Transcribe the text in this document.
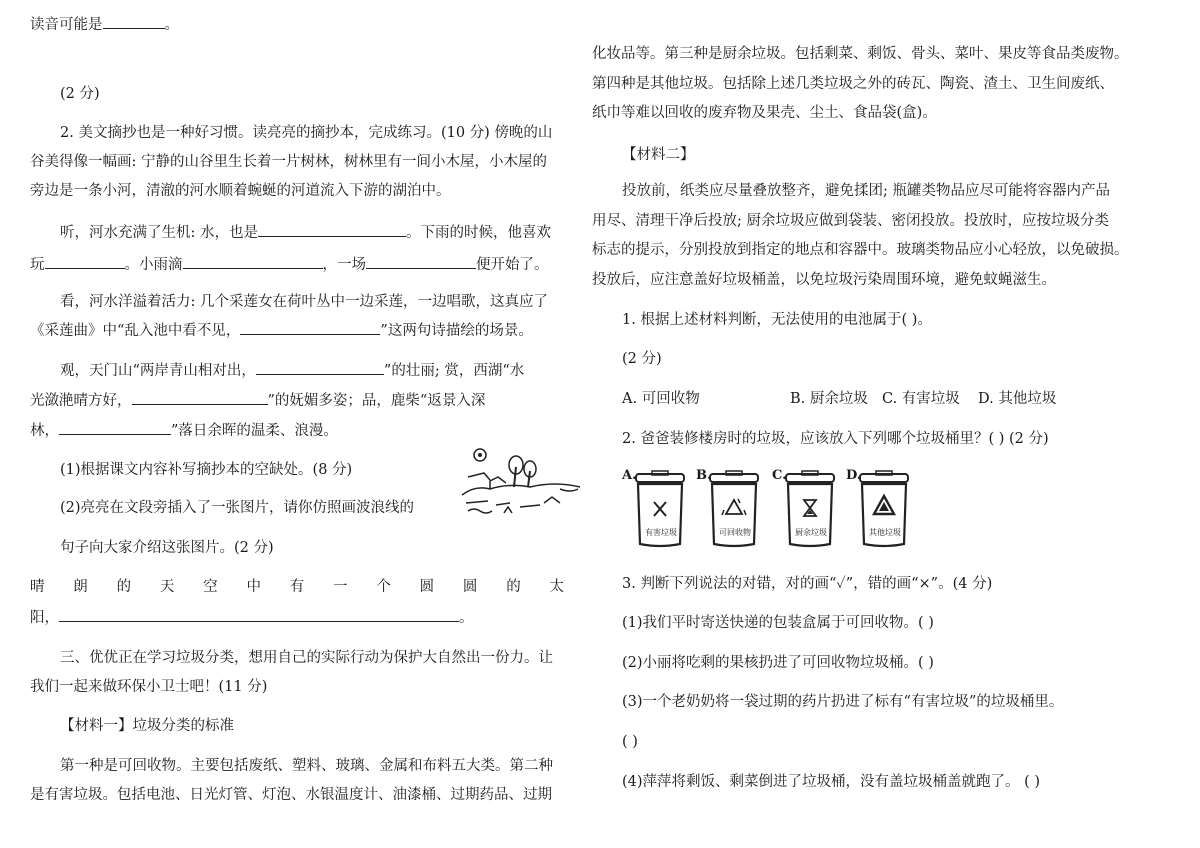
读音可能是	。
(2 分)
2. 美文摘抄也是一种好习惯。读亮亮的摘抄本，完成练习。(10 分) 傍晚的山
谷美得像一幅画: 宁静的山谷里生长着一片树林，树林里有一间小木屋，小木屋的
旁边是一条小河，清澈的河水顺着蜿蜒的河道流入下游的湖泊中。
听，河水充满了生机: 水，也是	。下雨的时候，他喜欢
玩	。小雨滴	，一场	便开始了。
看，河水洋溢着活力: 几个采莲女在荷叶丛中一边采莲，一边唱歌，这真应了
《采莲曲》中“乱入池中看不见，	”这两句诗描绘的场景。
观，天门山“两岸青山相对出，	”的壮丽; 赏，西湖“水
光潋滟晴方好，	”的妩媚多姿；品，鹿柴“返景入深
林，	”落日余晖的温柔、浪漫。
(1)根据课文内容补写摘抄本的空缺处。(8 分)
(2)亮亮在文段旁插入了一张图片，请你仿照画波浪线的
句子向大家介绍这张图片。(2 分)
晴朗的天空中有一个圆圆的太
阳，	。
三、优优正在学习垃圾分类，想用自己的实际行动为保护大自然出一份力。让
我们一起来做环保小卫士吧！(11 分)
【材料一】垃圾分类的标准
第一种是可回收物。主要包括废纸、塑料、玻璃、金属和布料五大类。第二种
是有害垃圾。包括电池、日光灯管、灯泡、水银温度计、油漆桶、过期药品、过期
化妆品等。第三种是厨余垃圾。包括剩菜、剩饭、骨头、菜叶、果皮等食品类废物。
第四种是其他垃圾。包括除上述几类垃圾之外的砖瓦、陶瓷、渣土、卫生间废纸、
纸巾等难以回收的废弃物及果壳、尘土、食品袋(盒)。
【材料二】
投放前，纸类应尽量叠放整齐，避免揉团; 瓶罐类物品应尽可能将容器内产品
用尽、清理干净后投放; 厨余垃圾应做到袋装、密闭投放。投放时，应按垃圾分类
标志的提示，分别投放到指定的地点和容器中。玻璃类物品应小心轻放，以免破损。
投放后，应注意盖好垃圾桶盖，以免垃圾污染周围环境，避免蚊蝇滋生。
1. 根据上述材料判断，无法使用的电池属于( )。
(2 分)
A. 可回收物	B. 厨余垃圾 C. 有害垃圾 D. 其他垃圾
2. 爸爸装修楼房时的垃圾，应该放入下列哪个垃圾桶里？( ) (2 分)
A.
有害垃圾
B.
可回收物
C.
厨余垃圾
D.
其他垃圾
3. 判断下列说法的对错，对的画“✓”，错的画“×”。(4 分)
(1)我们平时寄送快递的包装盒属于可回收物。( )
(2)小丽将吃剩的果核扔进了可回收物垃圾桶。( )
(3)一个老奶奶将一袋过期的药片扔进了标有“有害垃圾”的垃圾桶里。
( )
(4)萍萍将剩饭、剩菜倒进了垃圾桶，没有盖垃圾桶盖就跑了。 ( )
